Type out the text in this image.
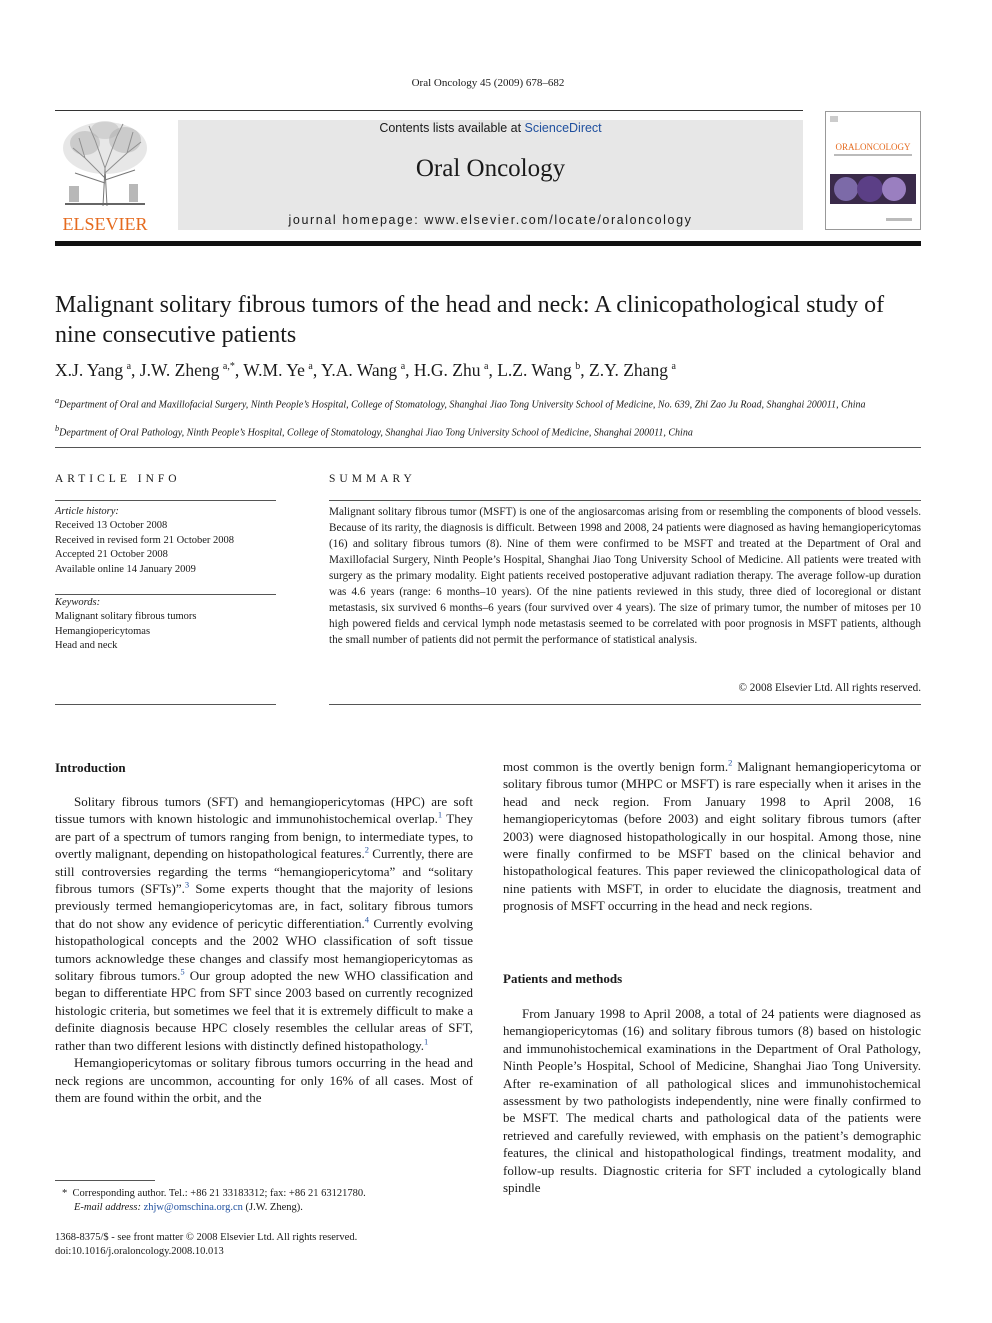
Oral Oncology 45 (2009) 678–682
ELSEVIER
Contents lists available at ScienceDirect
Oral Oncology
journal homepage: www.elsevier.com/locate/oraloncology
ORALONCOLOGY
Malignant solitary fibrous tumors of the head and neck: A clinicopathological study of nine consecutive patients
X.J. Yang  $^a$, J.W. Zheng  $^{a,*}$, W.M. Ye  $^a$, Y.A. Wang  $^a$, H.G. Zhu  $^a$, L.Z. Wang  $^b$, Z.Y. Zhang  $^a$
$^a$Department of Oral and Maxillofacial Surgery, Ninth People’s Hospital, College of Stomatology, Shanghai Jiao Tong University School of Medicine, No. 639, Zhi Zao Ju Road, Shanghai 200011, China
$^b$Department of Oral Pathology, Ninth People’s Hospital, College of Stomatology, Shanghai Jiao Tong University School of Medicine, Shanghai 200011, China
ARTICLE INFO
Article history:
Received 13 October 2008
Received in revised form 21 October 2008
Accepted 21 October 2008
Available online 14 January 2009
Keywords:
Malignant solitary fibrous tumors
Hemangiopericytomas
Head and neck
SUMMARY
Malignant solitary fibrous tumor (MSFT) is one of the angiosarcomas arising from or resembling the components of blood vessels. Because of its rarity, the diagnosis is difficult. Between 1998 and 2008, 24 patients were diagnosed as having hemangiopericytomas (16) and solitary fibrous tumors (8). Nine of them were confirmed to be MSFT and treated at the Department of Oral and Maxillofacial Surgery, Ninth People’s Hospital, Shanghai Jiao Tong University School of Medicine. All patients were treated with surgery as the primary modality. Eight patients received postoperative adjuvant radiation therapy. The average follow-up duration was 4.6 years (range: 6 months–10 years). Of the nine patients reviewed in this study, three died of locoregional or distant metastasis, six survived 6 months–6 years (four survived over 4 years). The size of primary tumor, the number of mitoses per 10 high powered fields and cervical lymph node metastasis seemed to be correlated with poor prognosis in MSFT patients, although the small number of patients did not permit the performance of statistical analysis.
© 2008 Elsevier Ltd. All rights reserved.
Introduction

Solitary fibrous tumors (SFT) and hemangiopericytomas (HPC) are soft tissue tumors with known histologic and immunohistochemical overlap.$^1$ They are part of a spectrum of tumors ranging from benign, to intermediate types, to overtly malignant, depending on histopathological features.$^2$ Currently, there are still controversies regarding the terms “hemangiopericytoma” and “solitary fibrous tumors (SFTs)”.$^3$ Some experts thought that the majority of lesions previously termed hemangiopericytomas are, in fact, solitary fibrous tumors that do not show any evidence of pericytic differentiation.$^4$ Currently evolving histopathological concepts and the 2002 WHO classification of soft tissue tumors acknowledge these changes and classify most hemangiopericytomas as solitary fibrous tumors.$^5$ Our group adopted the new WHO classification and began to differentiate HPC from SFT since 2003 based on currently recognized histologic criteria, but sometimes we feel that it is extremely difficult to make a definite diagnosis because HPC closely resembles the cellular areas of SFT, rather than two different lesions with distinctly defined histopathology.$^1$

Hemangiopericytomas or solitary fibrous tumors occurring in the head and neck regions are uncommon, accounting for only 16% of all cases. Most of them are found within the orbit, and the

most common is the overtly benign form.$^2$ Malignant hemangiopericytoma or solitary fibrous tumor (MHPC or MSFT) is rare especially when it arises in the head and neck region. From January 1998 to April 2008, 16 hemangiopericytomas (before 2003) and eight solitary fibrous tumors (after 2003) were diagnosed histopathologically in our hospital. Among those, nine were finally confirmed to be MSFT based on the clinical behavior and histopathological features. This paper reviewed the clinicopathological data of nine patients with MSFT, in order to elucidate the diagnosis, treatment and prognosis of MSFT occurring in the head and neck regions.

Patients and methods

From January 1998 to April 2008, a total of 24 patients were diagnosed as hemangiopericytomas (16) and solitary fibrous tumors (8) based on histologic and immunohistochemical examinations in the Department of Oral Pathology, Ninth People’s Hospital, School of Medicine, Shanghai Jiao Tong University. After re-examination of all pathological slices and immunohistochemical assessment by two pathologists independently, nine were finally confirmed to be MSFT. The medical charts and pathological data of the patients were retrieved and carefully reviewed, with emphasis on the patient’s demographic features, the clinical and histopathological findings, treatment modality, and follow-up results. Diagnostic criteria for SFT included a cytologically bland spindle

* Corresponding author. Tel.: +86 21 33183312; fax: +86 21 63121780.
E-mail address: zhjw@omschina.org.cn (J.W. Zheng).
1368-8375/$ - see front matter © 2008 Elsevier Ltd. All rights reserved.
doi:10.1016/j.oraloncology.2008.10.013
